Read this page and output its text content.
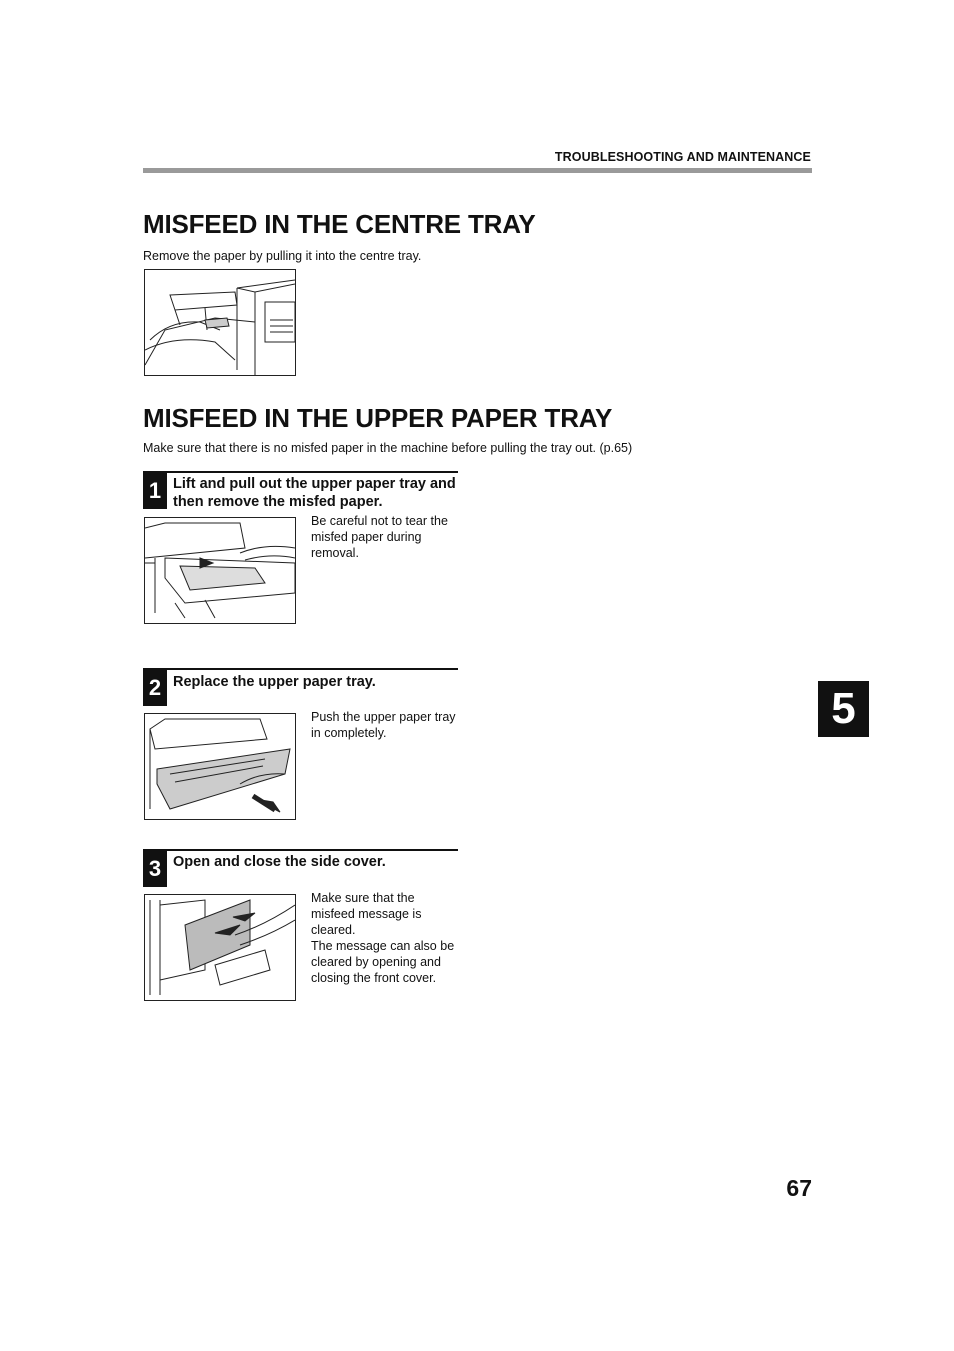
TROUBLESHOOTING AND MAINTENANCE
MISFEED IN THE CENTRE TRAY
Remove the paper by pulling it into the centre tray.
MISFEED IN THE UPPER PAPER TRAY
Make sure that there is no misfed paper in the machine before pulling the tray out. (p.65)
1 Lift and pull out the upper paper tray and then remove the misfed paper.
Be careful not to tear the misfed paper during removal.
2 Replace the upper paper tray.
Push the upper paper tray in completely.
3 Open and close the side cover.
Make sure that the misfeed message is cleared.
The message can also be cleared by opening and closing the front cover.
5
67
